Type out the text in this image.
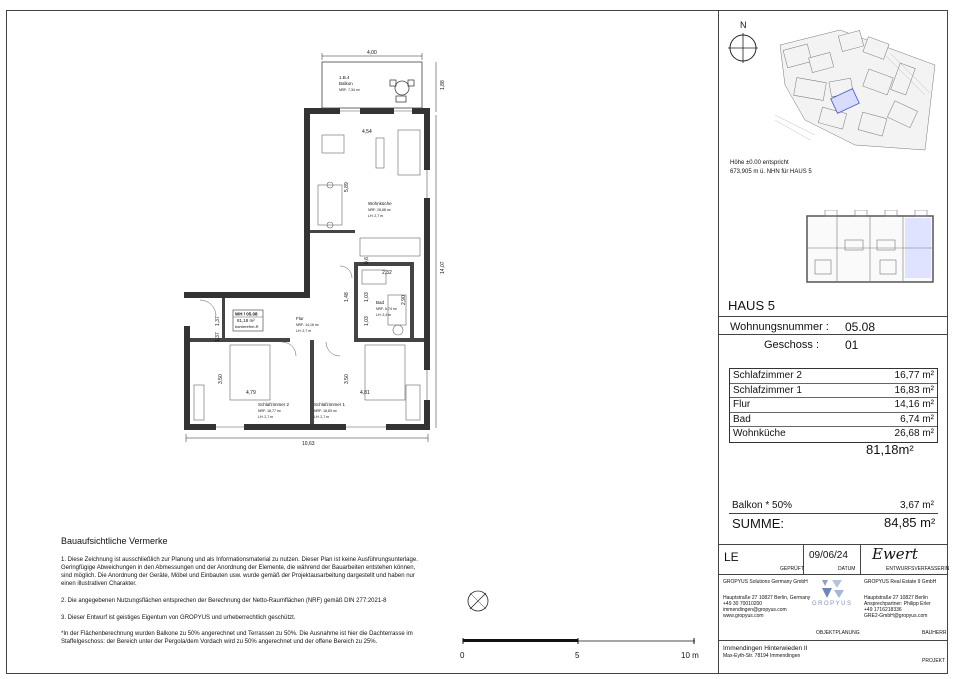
N
Höhe ±0.00 entspricht
673,905 m ü. NHN für HAUS 5
HAUS 5
Wohnungsnummer : 05.08
Geschoss : 01
Schlafzimmer 2	16,77 m²
Schlafzimmer 1	16,83 m²
Flur	14,16 m²
Bad	6,74 m²
Wohnküche	26,68 m²
81,18m²
Balkon * 50%	3,67 m²
SUMME:	84,85 m²
LE	09/06/24 Ewert
GEPRÜFT	DATUM	ENTWURFSVERFASSERIN
GROPYUS Solutions Germany GmbH
Hauptstraße 27 10827 Berlin, Germany
+49 30 70010200
immendingen@gropyus.com
www.gropyus.com
GROPYUS
GROPYUS Real Estate 9 GmbH
Hauptstraße 27 10827 Berlin
Ansprechpartner: Philipp Erler
+49 1716218336
GRE2-GmbH@gropyus.com
OBJEKTPLANUNG	BAUHERR
Immendingen Hinterwieden II
Max-Eyth-Str. 78194 Immendingen
PROJEKT
Bauaufsichtliche Vermerke
1. Diese Zeichnung ist ausschließlich zur Planung und als Informationsmaterial zu nutzen. Dieser Plan ist keine Ausführungsunterlage.
Geringfügige Abweichungen in den Abmessungen und der Anordnung der Elemente, die während der Bauarbeiten entstehen können,
sind möglich. Die Anordnung der Geräte, Möbel und Einbauten usw. wurde gemäß der Projektausarbeitung dargestellt und haben nur
einen illustrativen Charakter.
2. Die angegebenen Nutzungsflächen entsprechen der Berechnung der Netto-Raumflächen (NRF) gemäß DIN 277:2021-8
3. Dieser Entwurf ist geistiges Eigentum von GROPYUS und urheberrechtlich geschützt.
*In der Flächenberechnung wurden Balkone zu 50% angerechnet und Terrassen zu 50%. Die Ausnahme ist hier die Dachterrasse im
Staffelgeschoss: der Bereich unter der Pergola/dem Vordach wird zu 50% angerechnet und der offene Bereich zu 25%.
0	5	10 m
4,00
1,88
4,54
5,89
14,07
2,32
1,48	1,03	2,90
1,03
0,6
4,79	4,81
3,50	3,50
10,63
1,37
1,37
1.B.4
Balkon
NRF: 7,34 m²
Wohnküche
NRF: 26,68 m²
LH: 2,7 m
Bad
NRF: 6,74 m²
LH: 2,4 m
Flur
NRF: 14,16 m²
LH: 2,7 m
Schlafzimmer 2
NRF: 16,77 m²
LH: 2,7 m
Schlafzimmer 1
NRF: 16,83 m²
LH: 2,7 m
WH / 05.08
81,18 m²
barrierefrei-R
